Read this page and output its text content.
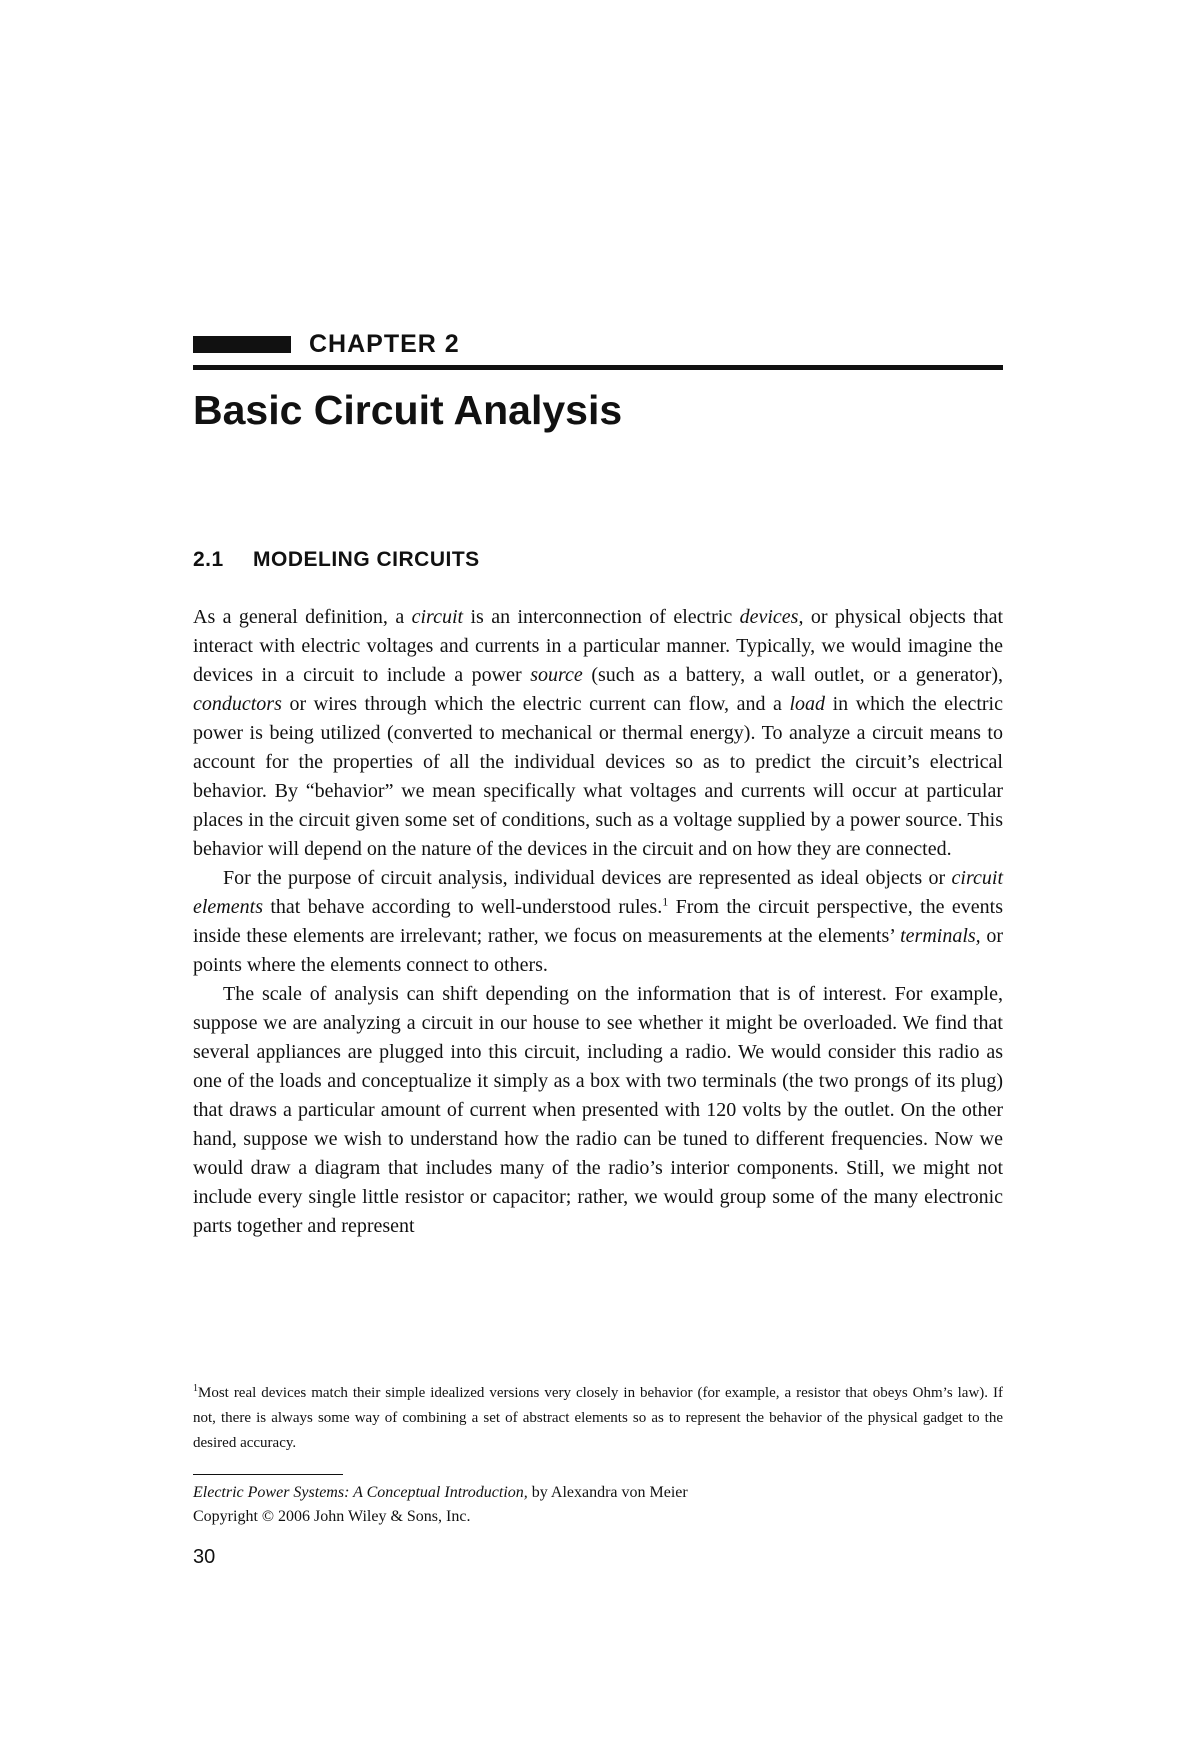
CHAPTER 2
Basic Circuit Analysis
2.1 MODELING CIRCUITS

As a general definition, a circuit is an interconnection of electric devices, or physical objects that interact with electric voltages and currents in a particular manner. Typically, we would imagine the devices in a circuit to include a power source (such as a battery, a wall outlet, or a generator), conductors or wires through which the electric current can flow, and a load in which the electric power is being utilized (converted to mechanical or thermal energy). To analyze a circuit means to account for the properties of all the individual devices so as to predict the circuit’s electrical behavior. By “behavior” we mean specifically what voltages and currents will occur at particular places in the circuit given some set of conditions, such as a voltage supplied by a power source. This behavior will depend on the nature of the devices in the circuit and on how they are connected.

For the purpose of circuit analysis, individual devices are represented as ideal objects or circuit elements that behave according to well-understood rules.$^1$ From the circuit perspective, the events inside these elements are irrelevant; rather, we focus on measurements at the elements’ terminals, or points where the elements connect to others.

The scale of analysis can shift depending on the information that is of interest. For example, suppose we are analyzing a circuit in our house to see whether it might be overloaded. We find that several appliances are plugged into this circuit, including a radio. We would consider this radio as one of the loads and conceptualize it simply as a box with two terminals (the two prongs of its plug) that draws a particular amount of current when presented with 120 volts by the outlet. On the other hand, suppose we wish to understand how the radio can be tuned to different frequencies. Now we would draw a diagram that includes many of the radio’s interior components. Still, we might not include every single little resistor or capacitor; rather, we would group some of the many electronic parts together and represent

$^1$Most real devices match their simple idealized versions very closely in behavior (for example, a resistor that obeys Ohm’s law). If not, there is always some way of combining a set of abstract elements so as to represent the behavior of the physical gadget to the desired accuracy.

Electric Power Systems: A Conceptual Introduction, by Alexandra von Meier
Copyright © 2006 John Wiley & Sons, Inc.

30
